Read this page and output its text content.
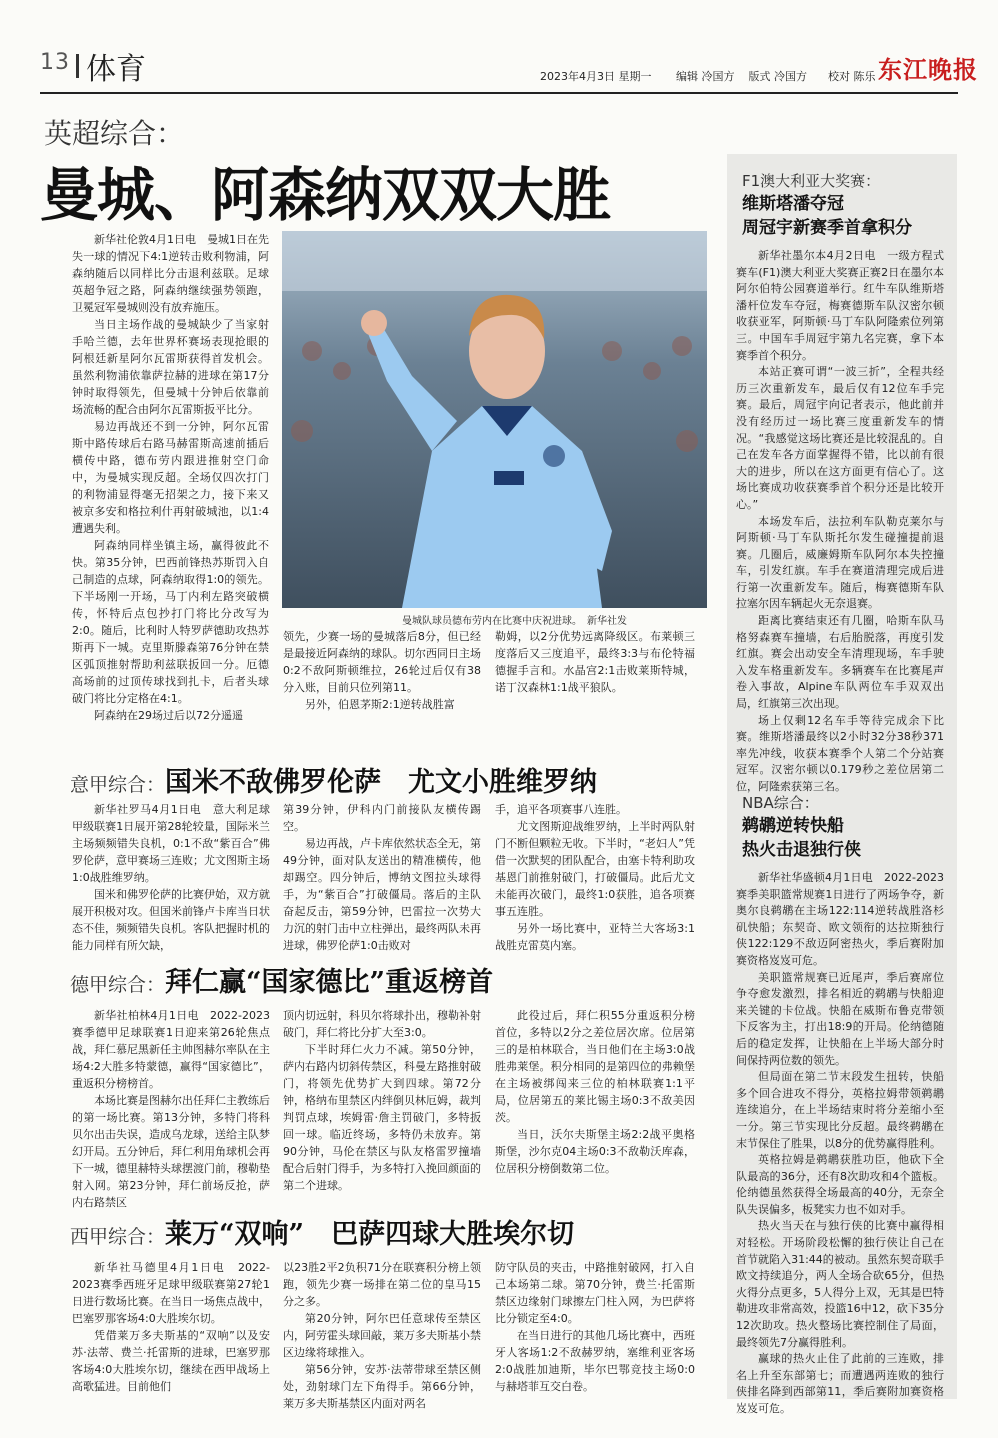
13 体育	2023年4月3日 星期一 编辑 冷国方 版式 冷国方 校对 陈乐 东江晚报
英超综合：
曼城、阿森纳双双大胜

新华社伦敦4月1日电　曼城1日在先失一球的情况下4:1逆转击败利物浦，阿森纳随后以同样比分击退利兹联。足球英超争冠之路，阿森纳继续强势领跑，卫冕冠军曼城则没有放弃施压。

当日主场作战的曼城缺少了当家射手哈兰德，去年世界杯赛场表现抢眼的阿根廷新星阿尔瓦雷斯获得首发机会。虽然利物浦依靠萨拉赫的进球在第17分钟时取得领先，但曼城十分钟后依靠前场流畅的配合由阿尔瓦雷斯扳平比分。

易边再战还不到一分钟，阿尔瓦雷斯中路传球后右路马赫雷斯高速前插后横传中路，德布劳内跟进推射空门命中，为曼城实现反超。全场仅四次打门的利物浦显得毫无招架之力，接下来又被京多安和格拉利什再射破城池，以1:4遭遇失利。

阿森纳同样坐镇主场，赢得彼此不快。第35分钟，巴西前锋热苏斯罚入自己制造的点球，阿森纳取得1:0的领先。下半场刚一开场，马丁内利左路突破横传，怀特后点包抄打门将比分改写为2:0。随后，比利时人特罗萨德助攻热苏斯再下一城。克里斯滕森第76分钟在禁区弧顶推射帮助利兹联扳回一分。厄德高场前的过顶传球找到扎卡，后者头球破门将比分定格在4:1。

阿森纳在29场过后以72分遥遥

曼城队球员德布劳内在比赛中庆祝进球。　新华社发

领先，少赛一场的曼城落后8分，但已经是最接近阿森纳的球队。切尔西同日主场0:2不敌阿斯顿维拉，26轮过后仅有38分入账，目前只位列第11。

另外，伯恩茅斯2:1逆转战胜富

勒姆，以2分优势远离降级区。布莱顿三度落后又三度追平，最终3:3与布伦特福德握手言和。水晶宫2:1击败莱斯特城，诺丁汉森林1:1战平狼队。

意甲综合：国米不敌佛罗伦萨　尤文小胜维罗纳

新华社罗马4月1日电　意大利足球甲级联赛1日展开第28轮较量，国际米兰主场频频错失良机，0:1不敌“紫百合”佛罗伦萨，意甲赛场三连败；尤文图斯主场1:0战胜维罗纳。

国米和佛罗伦萨的比赛伊始，双方就展开积极对攻。但国米前锋卢卡库当日状态不佳，频频错失良机。客队把握时机的能力同样有所欠缺，

第39分钟，伊科内门前接队友横传踢空。

易边再战，卢卡库依然状态全无，第49分钟，面对队友送出的精准横传，他却踢空。四分钟后，博纳文图拉头球得手，为“紫百合”打破僵局。落后的主队奋起反击，第59分钟，巴雷拉一次势大力沉的射门击中立柱弹出，最终两队未再进球，佛罗伦萨1:0击败对

手，追平各项赛事八连胜。

尤文图斯迎战维罗纳，上半时两队射门不断但颗粒无收。下半时，“老妇人”凭借一次默契的团队配合，由塞卡特利助攻基恩门前推射破门，打破僵局。此后尤文未能再次破门，最终1:0获胜，追各项赛事五连胜。

另外一场比赛中，亚特兰大客场3:1战胜克雷莫内塞。

德甲综合：拜仁赢“国家德比”重返榜首

新华社柏林4月1日电　2022-2023赛季德甲足球联赛1日迎来第26轮焦点战，拜仁慕尼黑新任主帅图赫尔率队在主场4:2大胜多特蒙德，赢得“国家德比”，重返积分榜榜首。

本场比赛是图赫尔出任拜仁主教练后的第一场比赛。第13分钟，多特门将科贝尔出击失误，造成乌龙球，送给主队梦幻开局。五分钟后，拜仁利用角球机会再下一城，德里赫特头球摆渡门前，穆勒垫射入网。第23分钟，拜仁前场反抢，萨内右路禁区

顶内切远射，科贝尔将球扑出，穆勒补射破门，拜仁将比分扩大至3:0。

下半时拜仁火力不减。第50分钟，萨内右路内切斜传禁区，科曼左路推射破门，将领先优势扩大到四球。第72分钟，格纳布里禁区内绊倒贝林厄姆，裁判判罚点球，埃姆雷·詹主罚破门，多特扳回一球。临近终场，多特仍未放弃。第90分钟，马伦在禁区与队友格雷罗撞墙配合后射门得手，为多特打入挽回颜面的第二个进球。

此役过后，拜仁积55分重返积分榜首位，多特以2分之差位居次席。位居第三的是柏林联合，当日他们在主场3:0战胜弗莱堡。积分相同的是第四位的弗赖堡在主场被绑闯来三位的柏林联赛1:1平局，位居第五的莱比锡主场0:3不敌美因茨。

当日，沃尔夫斯堡主场2:2战平奥格斯堡，沙尔克04主场0:3不敌勒沃库森，位居积分榜倒数第二位。

西甲综合：莱万“双响”　巴萨四球大胜埃尔切

新华社马德里4月1日电　2022-2023赛季西班牙足球甲级联赛第27轮1日进行数场比赛。在当日一场焦点战中，巴塞罗那客场4:0大胜埃尔切。

凭借莱万多夫斯基的“双响”以及安苏·法蒂、费兰·托雷斯的进球，巴塞罗那客场4:0大胜埃尔切，继续在西甲战场上高歌猛进。目前他们

以23胜2平2负积71分在联赛积分榜上领跑，领先少赛一场排在第二位的皇马15分之多。

第20分钟，阿尔巴任意球传至禁区内，阿劳霍头球回敲，莱万多夫斯基小禁区边缘将球推入。

第56分钟，安苏·法蒂带球至禁区侧处，劲射球门左下角得手。第66分钟，莱万多夫斯基禁区内面对两名

防守队员的夹击，中路推射破网，打入自己本场第二球。第70分钟，费兰·托雷斯禁区边缘射门球擦左门柱入网，为巴萨将比分锁定至4:0。

在当日进行的其他几场比赛中，西班牙人客场1:2不敌赫罗纳，塞维利亚客场2:0战胜加迪斯，毕尔巴鄂竞技主场0:0与赫塔菲互交白卷。

F1澳大利亚大奖赛：
维斯塔潘夺冠
周冠宇新赛季首拿积分

新华社墨尔本4月2日电　一级方程式赛车(F1)澳大利亚大奖赛正赛2日在墨尔本阿尔伯特公园赛道举行。红牛车队维斯塔潘杆位发车夺冠，梅赛德斯车队汉密尔顿收获亚军，阿斯顿·马丁车队阿隆索位列第三。中国车手周冠宇第九名完赛，拿下本赛季首个积分。

本站正赛可谓“一波三折”，全程共经历三次重新发车，最后仅有12位车手完赛。最后，周冠宇向记者表示，他此前并没有经历过一场比赛三度重新发车的情况。“我感觉这场比赛还是比较混乱的。自己在发车各方面掌握得不错，比以前有很大的进步，所以在这方面更有信心了。这场比赛成功收获赛季首个积分还是比较开心。”

本场发车后，法拉利车队勒克莱尔与阿斯顿·马丁车队斯托尔发生碰撞提前退赛。几圈后，威廉姆斯车队阿尔本失控撞车，引发红旗。车手在赛道清理完成后进行第一次重新发车。随后，梅赛德斯车队拉塞尔因车辆起火无奈退赛。

距离比赛结束还有几圈，哈斯车队马格努森赛车撞墙，右后胎脱落，再度引发红旗。赛会出动安全车清理现场，车手驶入发车格重新发车。多辆赛车在比赛尾声卷入事故，Alpine车队两位车手双双出局，红旗第三次出现。

场上仅剩12名车手等待完成余下比赛。维斯塔潘最终以2小时32分38秒371率先冲线，收获本赛季个人第二个分站赛冠军。汉密尔顿以0.179秒之差位居第二位，阿隆索获第三名。

NBA综合：
鹈鹕逆转快船
热火击退独行侠

新华社华盛顿4月1日电　2022-2023赛季美职篮常规赛1日进行了两场争夺，新奥尔良鹈鹕在主场122:114逆转战胜洛杉矶快船；东契奇、欧文领衔的达拉斯独行侠122:129不敌迈阿密热火，季后赛附加赛资格岌岌可危。

美职篮常规赛已近尾声，季后赛席位争夺愈发激烈，排名相近的鹈鹕与快船迎来关键的卡位战。快船在威斯布鲁克带领下反客为主，打出18:9的开局。伦纳德随后的稳定发挥，让快船在上半场大部分时间保持两位数的领先。

但局面在第二节末段发生扭转，快船多个回合进攻不得分，英格拉姆带领鹈鹕连续追分，在上半场结束时将分差缩小至一分。第三节实现比分反超。最终鹈鹕在末节保住了胜果，以8分的优势赢得胜利。

英格拉姆是鹈鹕获胜功臣，他砍下全队最高的36分，还有8次助攻和4个篮板。伦纳德虽然获得全场最高的40分，无奈全队失误偏多，板凳实力也不如对手。

热火当天在与独行侠的比赛中赢得相对轻松。开场阶段松懈的独行侠让自己在首节就陷入31:44的被动。虽然东契奇联手欧文持续追分，两人全场合砍65分，但热火得分点更多，5人得分上双，无其是巴特勒进攻非常高效，投篮16中12，砍下35分12次助攻。热火整场比赛控制住了局面，最终领先7分赢得胜利。

赢球的热火止住了此前的三连败，排名上升至东部第七；而遭遇两连败的独行侠排名降到西部第11，季后赛附加赛资格岌岌可危。
